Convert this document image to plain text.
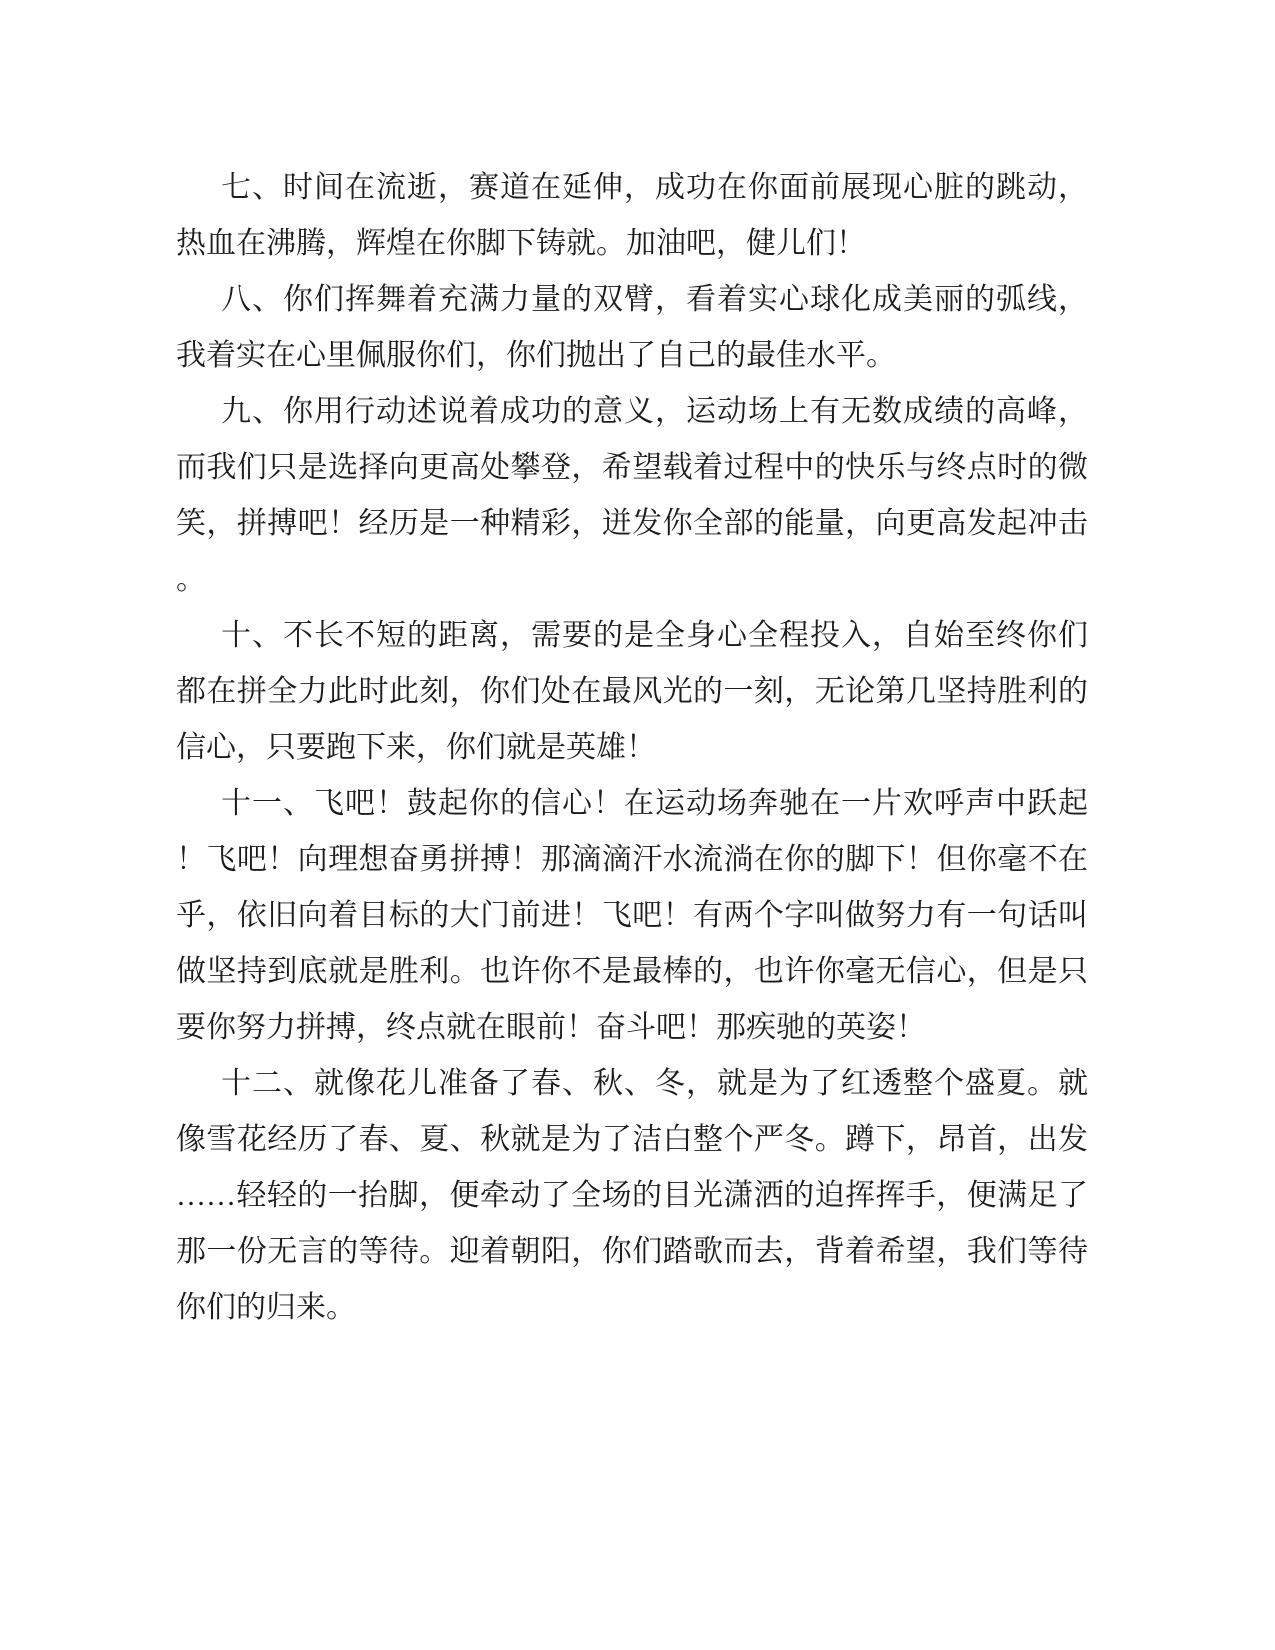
七、时间在流逝，赛道在延伸，成功在你面前展现心脏的跳动，热血在沸腾，辉煌在你脚下铸就。加油吧，健儿们！

八、你们挥舞着充满力量的双臂，看着实心球化成美丽的弧线，我着实在心里佩服你们，你们抛出了自己的最佳水平。

九、你用行动述说着成功的意义，运动场上有无数成绩的高峰，而我们只是选择向更高处攀登，希望载着过程中的快乐与终点时的微笑，拼搏吧！经历是一种精彩，迸发你全部的能量，向更高发起冲击。

十、不长不短的距离，需要的是全身心全程投入，自始至终你们都在拼全力此时此刻，你们处在最风光的一刻，无论第几坚持胜利的信心，只要跑下来，你们就是英雄！

十一、飞吧！鼓起你的信心！在运动场奔驰在一片欢呼声中跃起！飞吧！向理想奋勇拼搏！那滴滴汗水流淌在你的脚下！但你毫不在乎，依旧向着目标的大门前进！飞吧！有两个字叫做努力有一句话叫做坚持到底就是胜利。也许你不是最棒的，也许你毫无信心，但是只要你努力拼搏，终点就在眼前！奋斗吧！那疾驰的英姿！

十二、就像花儿准备了春、秋、冬，就是为了红透整个盛夏。就像雪花经历了春、夏、秋就是为了洁白整个严冬。蹲下，昂首，出发……轻轻的一抬脚，便牵动了全场的目光潇洒的迫挥挥手，便满足了那一份无言的等待。迎着朝阳，你们踏歌而去，背着希望，我们等待你们的归来。
